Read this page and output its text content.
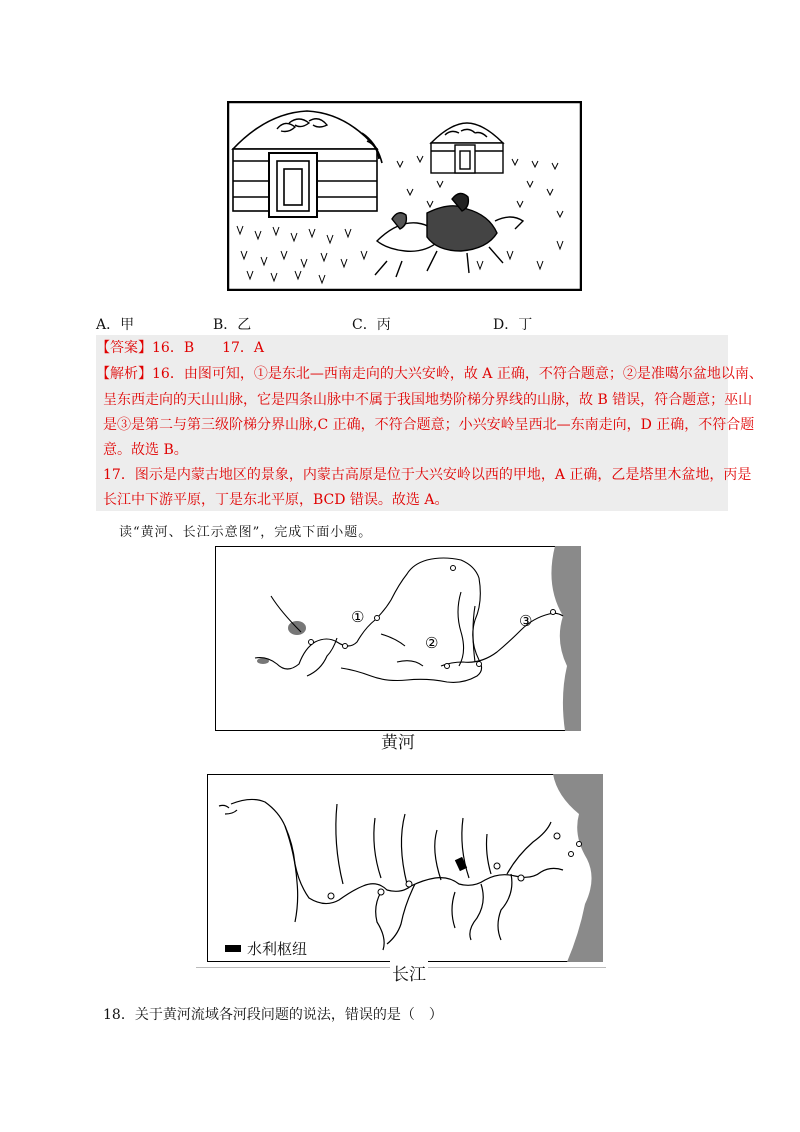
A．甲	B．乙	C．丙	D．丁
【答案】16．B　　17．A
【解析】16．由图可知，①是东北—西南走向的大兴安岭，故 A 正确，不符合题意；②是准噶尔盆地以南、
呈东西走向的天山山脉，它是四条山脉中不属于我国地势阶梯分界线的山脉，故 B 错误，符合题意；巫山
是③是第二与第三级阶梯分界山脉,C 正确，不符合题意；小兴安岭呈西北—东南走向，D 正确，不符合题
意。故选 B。
17．图示是内蒙古地区的景象，内蒙古高原是位于大兴安岭以西的甲地，A 正确，乙是塔里木盆地，丙是
长江中下游平原，丁是东北平原，BCD 错误。故选 A。
读“黄河、长江示意图”，完成下面小题。
①
②
③
黄河
水利枢纽
长江
18．关于黄河流域各河段问题的说法，错误的是（　）
